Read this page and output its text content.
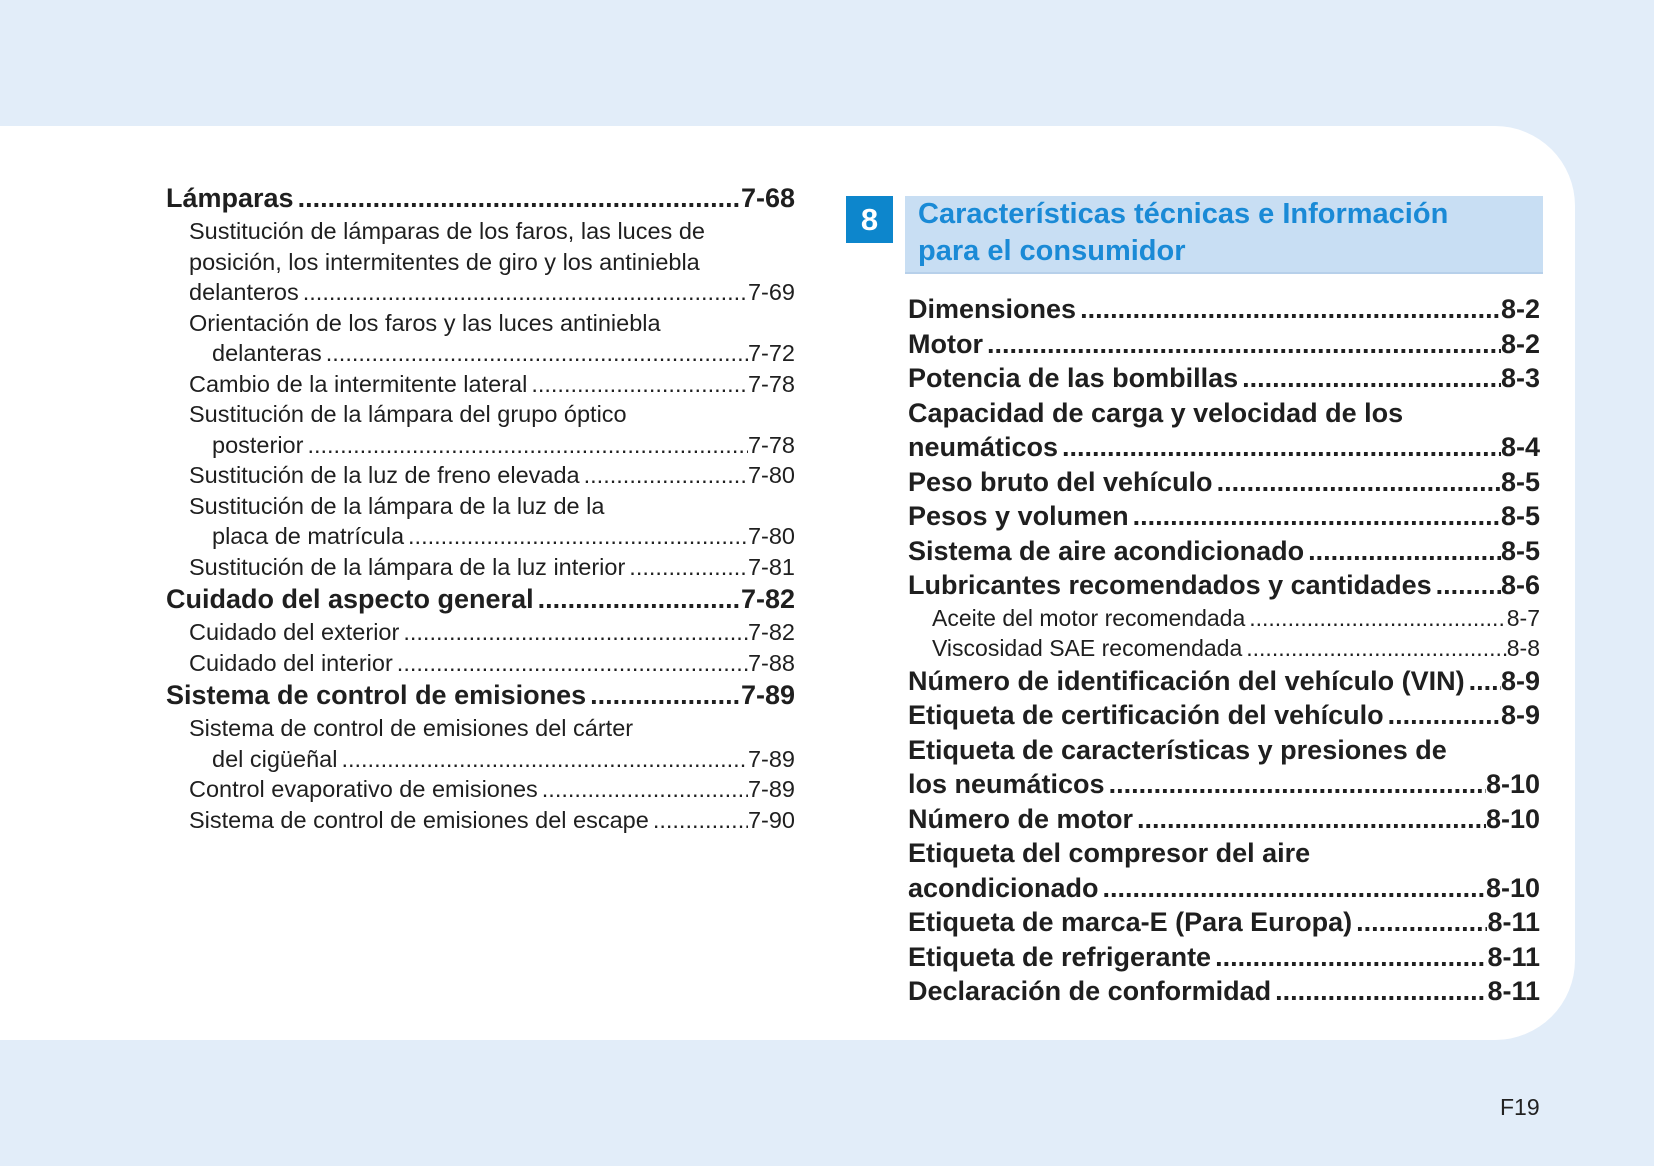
Lámparas .....	7-68
Sustitución de lámparas de los faros, las luces de
posición, los intermitentes de giro y los antiniebla
delanteros .....	7-69
Orientación de los faros y las luces antiniebla
delanteras .....	7-72
Cambio de la intermitente lateral .....	7-78
Sustitución de la lámpara del grupo óptico
posterior .....	7-78
Sustitución de la luz de freno elevada .....	7-80
Sustitución de la lámpara de la luz de la
placa de matrícula .....	7-80
Sustitución de la lámpara de la luz interior .....	7-81
Cuidado del aspecto general .....	7-82
Cuidado del exterior .....	7-82
Cuidado del interior .....	7-88
Sistema de control de emisiones .....	7-89
Sistema de control de emisiones del cárter
del cigüeñal .....	7-89
Control evaporativo de emisiones .....	7-89
Sistema de control de emisiones del escape .....	7-90
8 Características técnicas e Información
para el consumidor
Dimensiones .....	8-2
Motor .....	8-2
Potencia de las bombillas .....	8-3
Capacidad de carga y velocidad de los
neumáticos .....	8-4
Peso bruto del vehículo .....	8-5
Pesos y volumen .....	8-5
Sistema de aire acondicionado .....	8-5
Lubricantes recomendados y cantidades .....	8-6
Aceite del motor recomendada .....	8-7
Viscosidad SAE recomendada .....	8-8
Número de identificación del vehículo (VIN) ..... 8-9
Etiqueta de certificación del vehículo .....	8-9
Etiqueta de características y presiones de
los neumáticos .....	8-10
Número de motor .....	8-10
Etiqueta del compresor del aire
acondicionado .....	8-10
Etiqueta de marca-E (Para Europa) .....	8-11
Etiqueta de refrigerante .....	8-11
Declaración de conformidad .....	8-11
F19
